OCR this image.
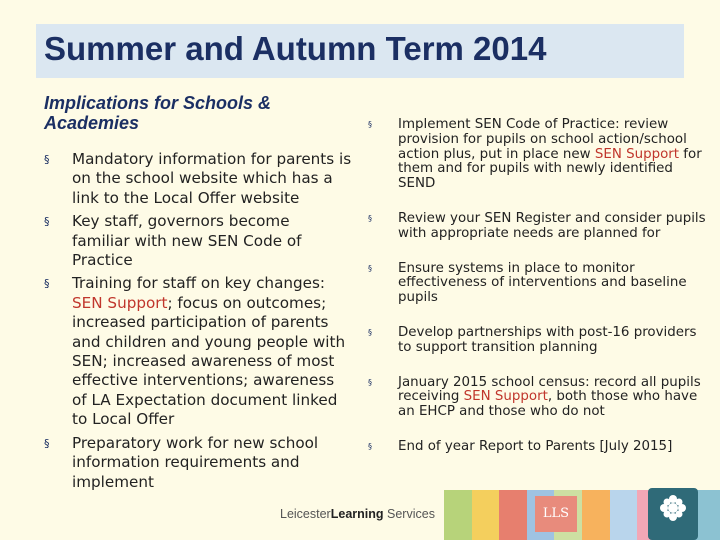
Summer and Autumn Term 2014
Implications for Schools & Academies
§ Mandatory information for parents is on the school website which has a link to the Local Offer website
§ Key staff, governors become familiar with new SEN Code of Practice
§ Training for staff on key changes: SEN Support; focus on outcomes; increased participation of parents and children and young people with SEN; increased awareness of most effective interventions; awareness of LA Expectation document linked to Local Offer
§ Preparatory work for new school information requirements and implement
§ Implement SEN Code of Practice: review provision for pupils on school action/school action plus, put in place new SEN Support for them and for pupils with newly identified SEND
§ Review your SEN Register and consider pupils with appropriate needs are planned for
§ Ensure systems in place to monitor effectiveness of interventions and baseline pupils
§ Develop partnerships with post-16 providers to support transition planning
§ January 2015 school census: record all pupils receiving SEN Support, both those who have an EHCP and those who do not
§ End of year Report to Parents [July 2015]
LeicesterLearning Services	LLS
